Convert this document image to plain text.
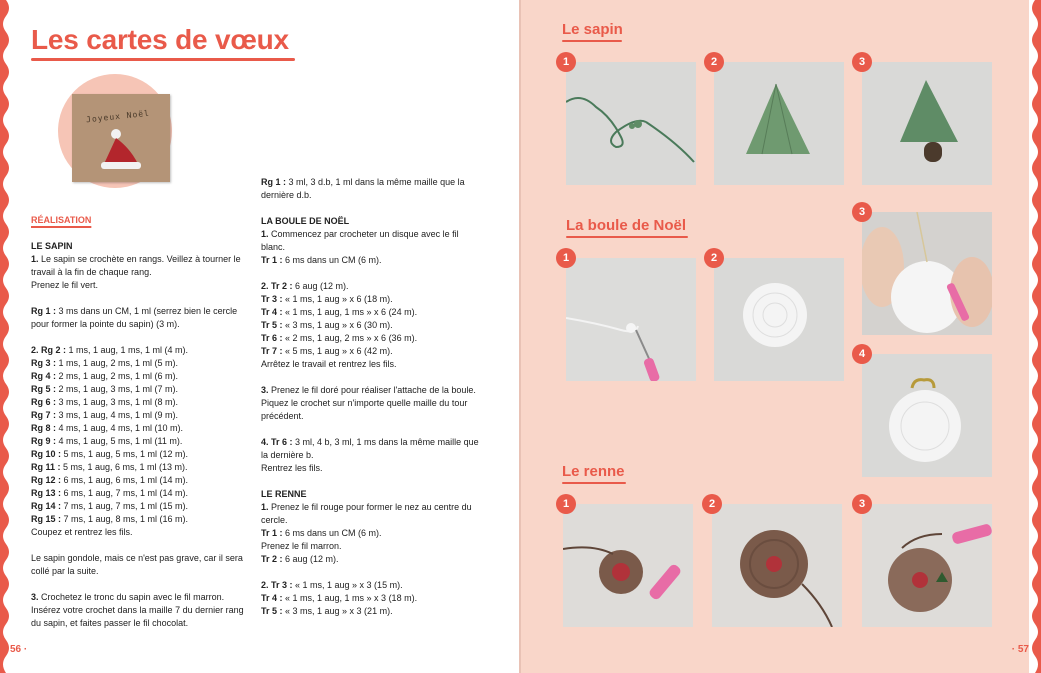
Les cartes de vœux
Joyeux Noël

RÉALISATION

LE SAPIN

1. Le sapin se crochète en rangs. Veillez à tourner le travail à la fin de chaque rang.

Prenez le fil vert.

Rg 1 : 3 ms dans un CM, 1 ml (serrez bien le cercle pour former la pointe du sapin) (3 m).

2. Rg 2 : 1 ms, 1 aug, 1 ms, 1 ml (4 m).

Rg 3 : 1 ms, 1 aug, 2 ms, 1 ml (5 m).

Rg 4 : 2 ms, 1 aug, 2 ms, 1 ml (6 m).

Rg 5 : 2 ms, 1 aug, 3 ms, 1 ml (7 m).

Rg 6 : 3 ms, 1 aug, 3 ms, 1 ml (8 m).

Rg 7 : 3 ms, 1 aug, 4 ms, 1 ml (9 m).

Rg 8 : 4 ms, 1 aug, 4 ms, 1 ml (10 m).

Rg 9 : 4 ms, 1 aug, 5 ms, 1 ml (11 m).

Rg 10 : 5 ms, 1 aug, 5 ms, 1 ml (12 m).

Rg 11 : 5 ms, 1 aug, 6 ms, 1 ml (13 m).

Rg 12 : 6 ms, 1 aug, 6 ms, 1 ml (14 m).

Rg 13 : 6 ms, 1 aug, 7 ms, 1 ml (14 m).

Rg 14 : 7 ms, 1 aug, 7 ms, 1 ml (15 m).

Rg 15 : 7 ms, 1 aug, 8 ms, 1 ml (16 m).

Coupez et rentrez les fils.

Le sapin gondole, mais ce n'est pas grave, car il sera collé par la suite.

3. Crochetez le tronc du sapin avec le fil marron. Insérez votre crochet dans la maille 7 du dernier rang du sapin, et faites passer le fil chocolat.

Rg 1 : 3 ml, 3 d.b, 1 ml dans la même maille que la dernière d.b.

LA BOULE DE NOËL

1. Commencez par crocheter un disque avec le fil blanc.

Tr 1 : 6 ms dans un CM (6 m).

2. Tr 2 : 6 aug (12 m).

Tr 3 : « 1 ms, 1 aug » x 6 (18 m).

Tr 4 : « 1 ms, 1 aug, 1 ms » x 6 (24 m).

Tr 5 : « 3 ms, 1 aug » x 6 (30 m).

Tr 6 : « 2 ms, 1 aug, 2 ms » x 6 (36 m).

Tr 7 : « 5 ms, 1 aug » x 6 (42 m).

Arrêtez le travail et rentrez les fils.

3. Prenez le fil doré pour réaliser l'attache de la boule. Piquez le crochet sur n'importe quelle maille du tour précédent.

4. Tr 6 : 3 ml, 4 b, 3 ml, 1 ms dans la même maille que la dernière b.

Rentrez les fils.

LE RENNE

1. Prenez le fil rouge pour former le nez au centre du cercle.

Tr 1 : 6 ms dans un CM (6 m).

Prenez le fil marron.

Tr 2 : 6 aug (12 m).

2. Tr 3 : « 1 ms, 1 aug » x 3 (15 m).

Tr 4 : « 1 ms, 1 aug, 1 ms » x 3 (18 m).

Tr 5 : « 3 ms, 1 aug » x 3 (21 m).

56 ·
Le sapin
La boule de Noël
Le renne
1	2	3
1	2
3
4
1	2	3
· 57
